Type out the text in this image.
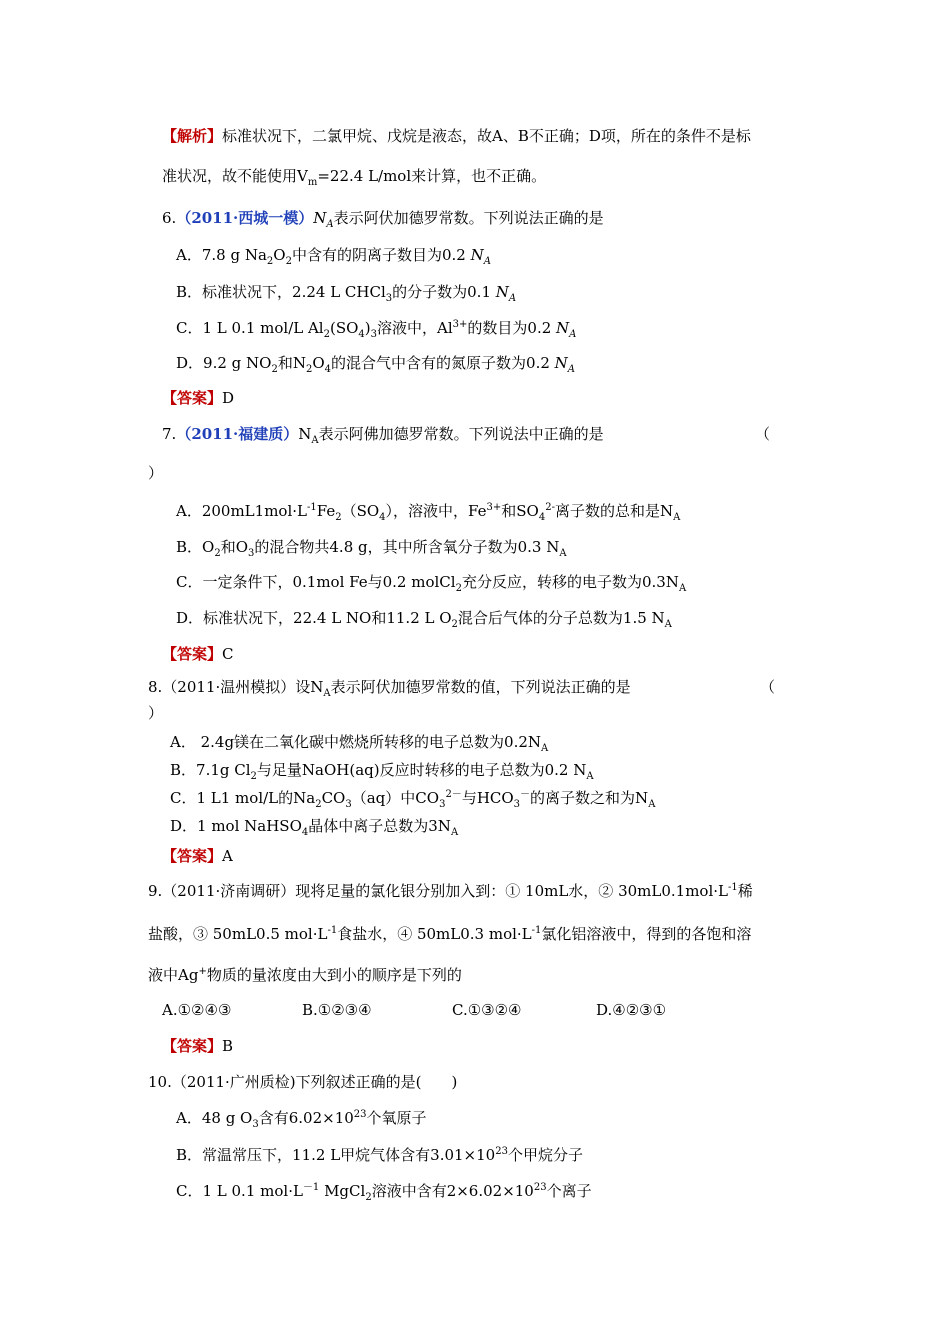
【解析】标准状况下，二氯甲烷、戊烷是液态，故A、B不正确；D项，所在的条件不是标
准状况，故不能使用$V_m=22.4$ L/mol来计算，也不正确。
6.（2011·西城一模）$N_A$表示阿伏加德罗常数。下列说法正确的是
A．7.8 g $Na_2O_2$中含有的阴离子数目为0.2 $N_A$
B．标准状况下，2.24 L CHCl$_3$的分子数为0.1 $N_A$
C．1 L 0.1 mol/L $Al_2(SO_4)_3$溶液中，$Al^{3+}$的数目为0.2 $N_A$
D．9.2 g $NO_2$和$N_2O_4$的混合气中含有的氮原子数为0.2 $N_A$
【答案】D
7.（2011·福建质）$N_A$表示阿佛加德罗常数。下列说法中正确的是	（
）
A．$200mL1mol\cdot L^{-1}Fe_2(SO_4)$，溶液中，$Fe^{3+}$和$SO_4^{2-}$离子数的总和是$N_A$
B．$O_2$和$O_3$的混合物共4.8 g，其中所含氧分子数为0.3 $N_A$
C．一定条件下，0.1mol Fe与0.2 molCl$_2$充分反应，转移的电子数为$0.3N_A$
D．标准状况下，22.4 L NO和11.2 L $O_2$混合后气体的分子总数为1.5 $N_A$
【答案】C
8.（2011·温州模拟）设$N_A$表示阿伏加德罗常数的值，下列说法正确的是	（
）
A． 2.4g镁在二氧化碳中燃烧所转移的电子总数为$0.2N_A$
B．7.1g $Cl_2$与足量NaOH(aq)反应时转移的电子总数为0.2 $N_A$
C．1 L1 mol/L的$Na_2CO_3(aq)$中$CO_3^{2-}$与$HCO_3^-$的离子数之和为$N_A$
D．1 mol NaHSO$_4$晶体中离子总数为$3N_A$
【答案】A
9.（2011·济南调研）现将足量的氯化银分别加入到：① 10mL水，② $30mL0.1mol\cdot L^{-1}$稀
盐酸，③ 50mL0.5 $mol\cdot L^{-1}$食盐水，④ 50mL0.3 $mol\cdot L^{-1}$氯化铝溶液中，得到的各饱和溶
液中Ag+物质的量浓度由大到小的顺序是下列的
A.①②④③	B.①②③④	C.①③②④	D.④②③①
【答案】B
10.（2011·广州质检)下列叙述正确的是(　　)
A．48 g $O_3$含有$6.02\times 10^{23}$个氧原子
B．常温常压下，11.2 L甲烷气体含有$3.01\times 10^{23}$个甲烷分子
C．1 L 0.1 $mol\cdot L^{-1}$ MgCl$_2$溶液中含有$2\times 6.02\times 10^{23}$个离子
